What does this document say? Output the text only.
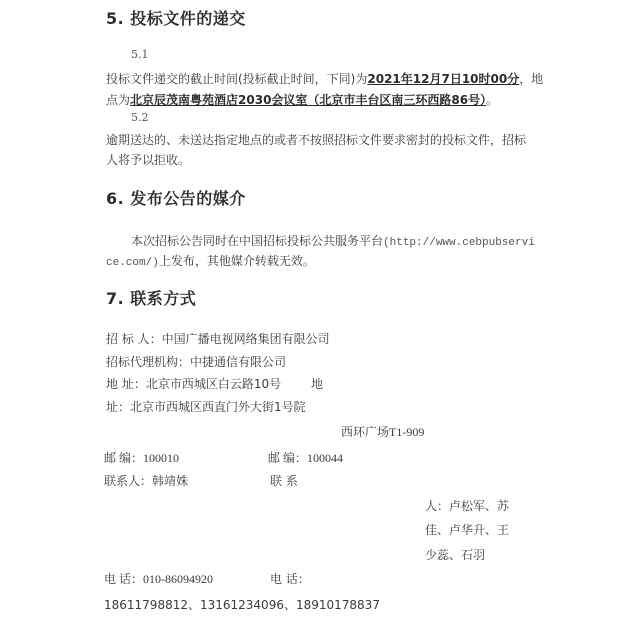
5. 投标文件的递交
5.1
投标文件递交的截止时间(投标截止时间，下同)为2021年12月7日10时00分，地
点为北京辰茂南粤苑酒店2030会议室（北京市丰台区南三环西路86号）。
5.2
逾期送达的、未送达指定地点的或者不按照招标文件要求密封的投标文件，招标
人将予以拒收。
6. 发布公告的媒介
本次招标公告同时在中国招标投标公共服务平台(http://www.cebpubservi
ce.com/)上发布，其他媒介转载无效。
7. 联系方式
招 标 人：中国广播电视网络集团有限公司
招标代理机构：中捷通信有限公司
地 址：北京市西城区白云路10号 地
址：北京市西城区西直门外大街1号院
西环广场T1-909
邮 编：100010	邮 编：100044
联系人：韩靖姝	联 系
人：卢松军、苏
佳、卢华升、王
少蕊、石羽
电 话：010-86094920	电 话：
18611798812、13161234096、18910178837
